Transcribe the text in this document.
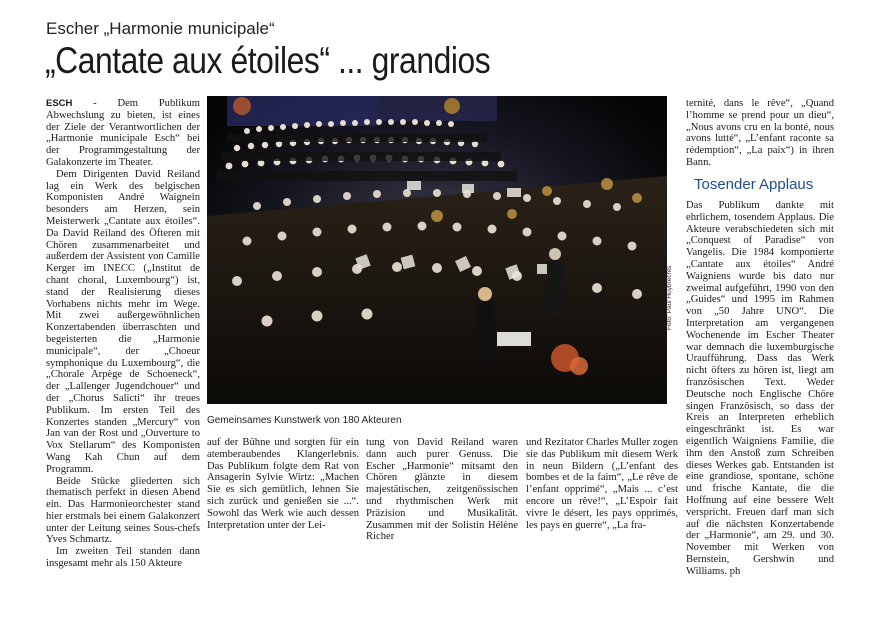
Escher „Harmonie municipale“
„Cantate aux étoiles“ ... grandios

ESCH - Dem Publikum Abwechslung zu bieten, ist eines der Ziele der Verantwortlichen der „Harmonie municipale Esch“ bei der Programmgestaltung der Galakonzerte im Theater.

Dem Dirigenten David Reiland lag ein Werk des belgischen Komponisten André Waignein besonders am Herzen, sein Meisterwerk „Cantate aux étoiles“. Da David Reiland des Öfteren mit Chören zusammenarbeitet und außerdem der Assistent von Camille Kerger im INECC („Institut de chant choral, Luxembourg“) ist, stand der Realisierung dieses Vorhabens nichts mehr im Wege. Mit zwei außergewöhnlichen Konzertabenden überraschten und begeisterten die „Harmonie municipale“, der „Choeur symphonique du Luxembourg“, die „Chorale Arpège de Schoeneck“, der „Lallenger Jugendchouer“ und der „Chorus Salicti“ ihr treues Publikum. Im ersten Teil des Konzertes standen „Mercury“ von Jan van der Rost und „Ouverture to Vox Stellarum“ des Komponisten Wang Kah Chun auf dem Programm.

Beide Stücke gliederten sich thematisch perfekt in diesen Abend ein. Das Harmonieorchester stand hier erstmals bei einem Galakonzert unter der Leitung seines Sous-chefs Yves Schmartz.

Im zweiten Teil standen dann insgesamt mehr als 150 Akteure

Foto: Paul Huybrechts
Gemeinsames Kunstwerk von 180 Akteuren

auf der Bühne und sorgten für ein atemberaubendes Klangerlebnis. Das Publikum folgte dem Rat von Ansagerin Sylvie Wirtz: „Machen Sie es sich gemütlich, lehnen Sie sich zurück und genießen sie ...“. Sowohl das Werk wie auch dessen Interpretation unter der Lei-

tung von David Reiland waren dann auch purer Genuss. Die Escher „Harmonie“ mitsamt den Chören glänzte in diesem majestätischen, zeitgenössischen und rhythmischen Werk mit Präzision und Musikalität. Zusammen mit der Solistin Hélène Richer

und Rezitator Charles Muller zogen sie das Publikum mit diesem Werk in neun Bildern („L’enfant des bombes et de la faim“, „Le rêve de l’enfant opprimé“, „Mais ... c’est encore un rêve!“, „L’Espoir fait vivre le désert, les pays opprimés, les pays en guerre“, „La fra-

ternité, dans le rêve“, „Quand l’homme se prend pour un dieu“, „Nous avons cru en la bonté, nous avons lutté“, „L’enfant raconte sa rédemption“, „La paix“) in ihren Bann.

Tosender Applaus

Das Publikum dankte mit ehrlichem, tosendem Applaus. Die Akteure verabschiedeten sich mit „Conquest of Paradise“ von Vangelis. Die 1984 komponierte „Cantate aux étoiles“ André Waigniens wurde bis dato nur zweimal aufgeführt, 1990 von den „Guides“ und 1995 im Rahmen von „50 Jahre UNO“. Die Interpretation am vergangenen Wochenende im Escher Theater war demnach die luxemburgische Uraufführung. Dass das Werk nicht öfters zu hören ist, liegt am französischen Text. Weder Deutsche noch Englische Chöre singen Französisch, so dass der Kreis an Interpreten erheblich eingeschränkt ist. Es war eigentlich Waigniens Familie, die ihm den Anstoß zum Schreiben dieses Werkes gab. Entstanden ist eine grandiose, spontane, schöne und frische Kantate, die die Hoffnung auf eine bessere Welt verspricht. Freuen darf man sich auf die nächsten Konzertabende der „Harmonie“, am 29. und 30. November mit Werken von Bernstein, Gershwin und Williams. ph
